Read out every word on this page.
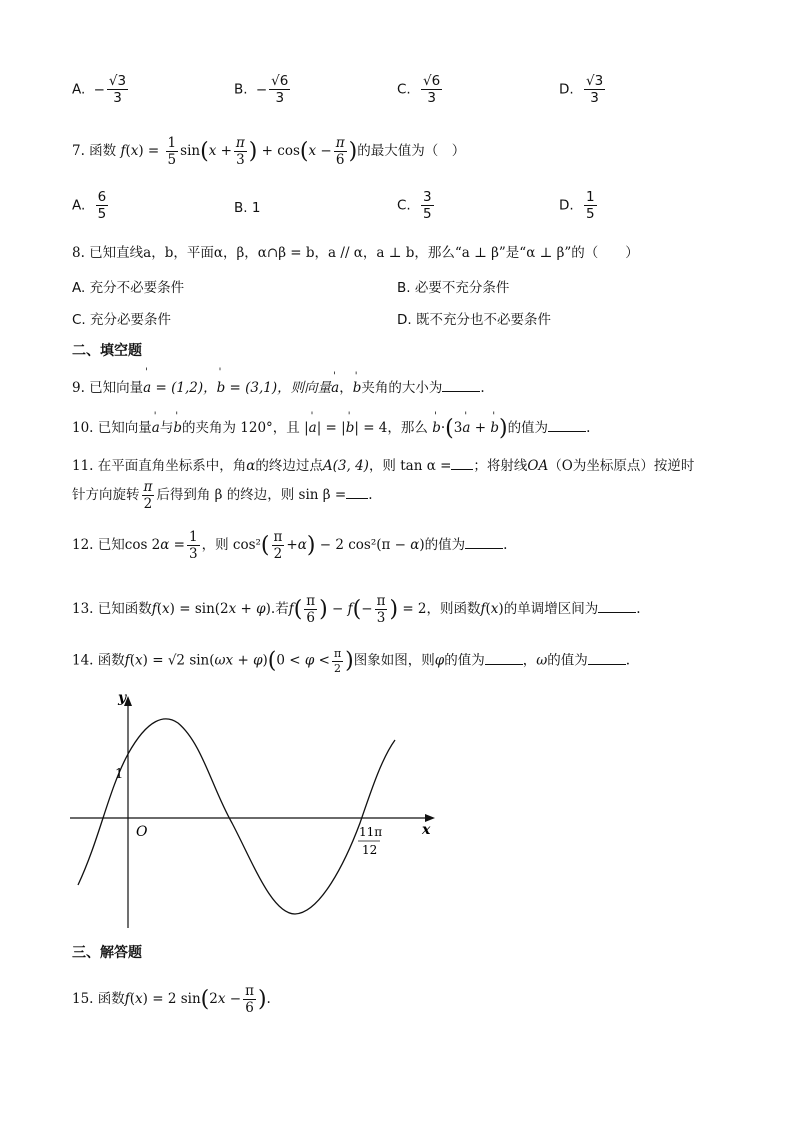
A. − $\frac{√3}{3}$	B. − $\frac{√6}{3}$	C. $\frac{√6}{3}$	D. $\frac{√3}{3}$
7. 函数 $f(x) = \frac{1}{5} \sin(x + \frac{\pi}{3}$ ) + $\cos(x - \frac{\pi}{6}$ )的最大值为（　）
A. $\frac{6}{5}$	B. 1	C. $\frac{3}{5}$	D. $\frac{1}{5}$
8. 已知直线a，b，平面α，β，α∩β = b，a // α，a ⊥ b，那么“a ⊥ β”是“α ⊥ β”的（　　）
A. 充分不必要条件	B. 必要不充分条件
C. 充分必要条件	D. 既不充分也不必要条件
二、填空题
9. 已知向量' a = (1,2)，' b = (3,1)，则向量' a，' b夹角的大小为	.
10. 已知向量' a与' b的夹角为 120°，且 |' a| = |' b| = 4，那么 ' b·(3' a + ' b)的值为	.
11. 在平面直角坐标系中，角α的终边过点A(3, 4)，则 tan α = ；将射线OA（O为坐标原点）按逆时
针方向旋转 $\frac{\pi}{2}$ 后得到角 β 的终边，则 sin β = .
12. 已知$\cos 2\alpha = \frac{1}{3}$ ，则 $\cos^2( \frac{\pi}{2} +\alpha) - 2$ cos²(π − α)的值为	.
13. 已知函数f(x) = sin(2x + φ).若$f( \frac{\pi}{6}$ ) − $f(- \frac{\pi}{3}$ ) = 2，则函数f(x)的单调增区间为	.
14. 函数f(x) = √2 $\sin(\omega x + \varphi)(0 < \varphi < \frac{\pi}{2}$ )图象如图，则φ的值为	，ω的值为	.
y
x
O
1
11π
12
三、解答题
15. 函数f(x) = 2 $\sin(2x - \frac{\pi}{6}$ ).
